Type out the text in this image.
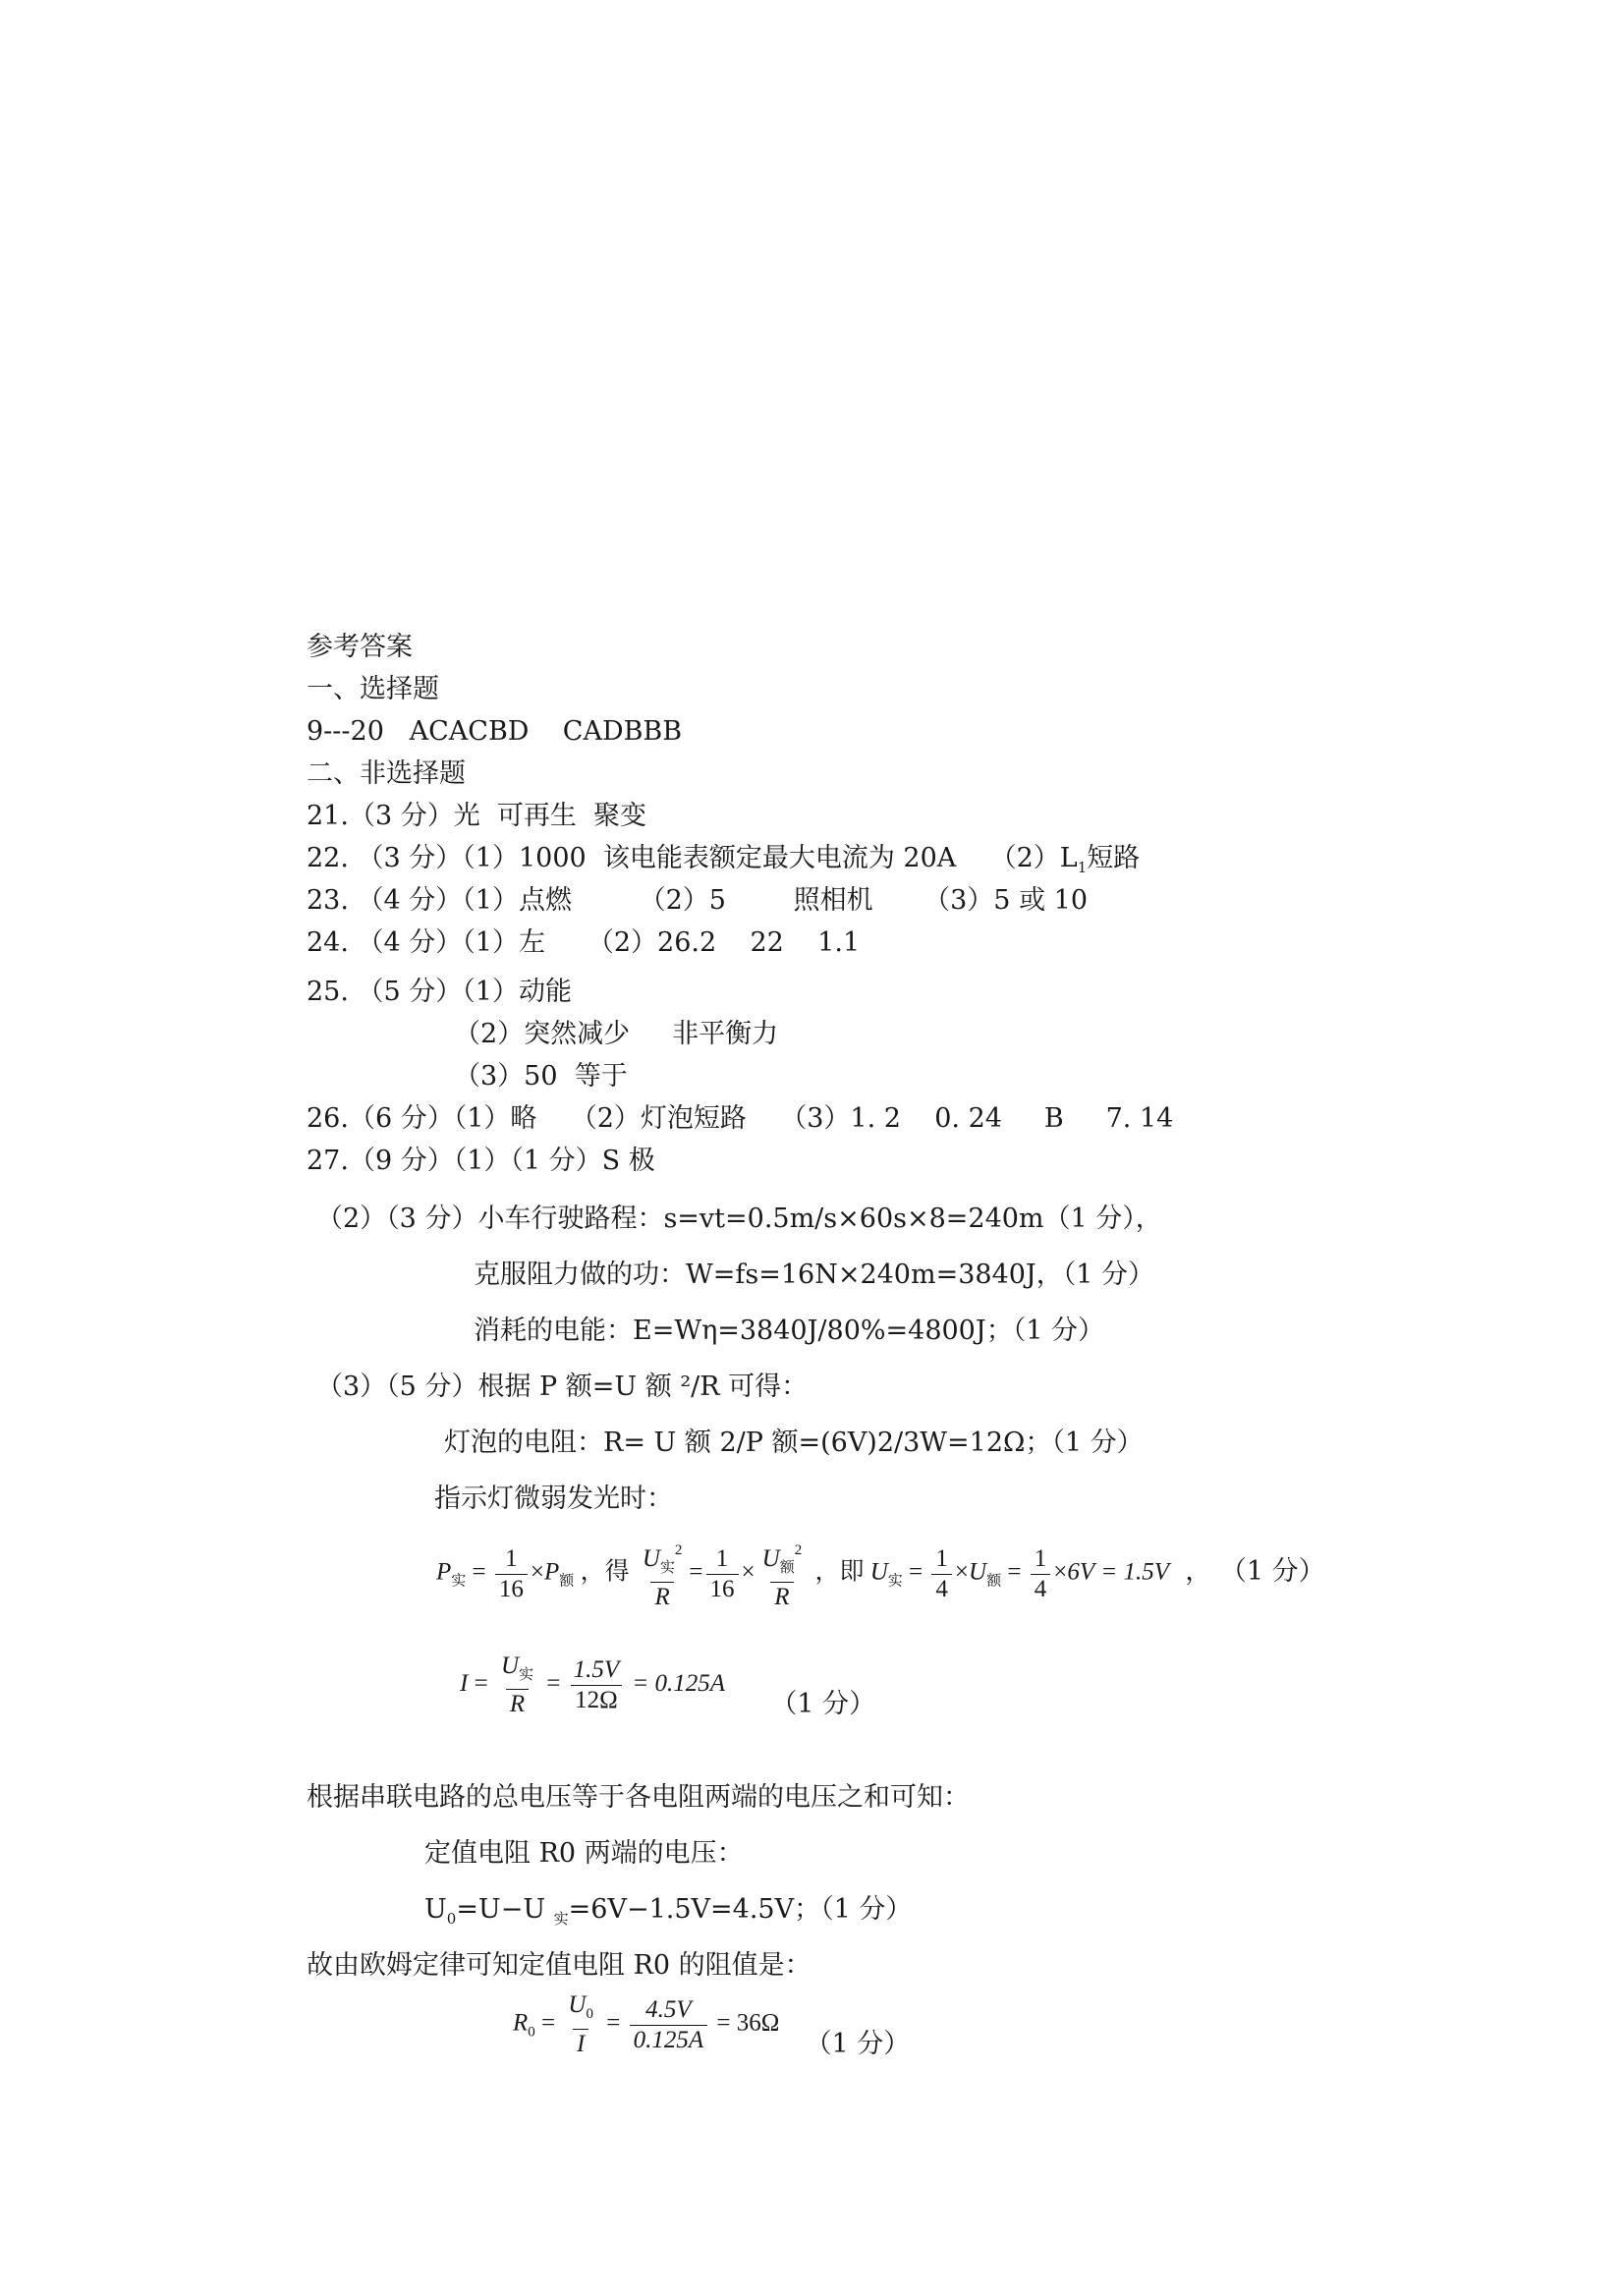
参考答案
一、选择题
9---20   ACACBD    CADBBB
二、非选择题
21.（3 分）光  可再生  聚变
22. （3 分）（1）1000  该电能表额定最大电流为 20A    $(2)L_1$短路
23. （4 分）（1）点燃        （2）5        照相机      （3）5 或 10
24. （4 分）（1）左     （2）26.2    22    1.1
25. （5 分）（1）动能
（2）突然减少     非平衡力
（3）50  等于
26.（6 分）（1）略    （2）灯泡短路    （3）1. 2    0. 24     B     7. 14
27.（9 分）（1）（1 分）S 极
（2）（3 分）小车行驶路程：s=vt=0.5m/s×60s×8=240m（1 分），
克服阻力做的功：W=fs=16N×240m=3840J，（1 分）
消耗的电能：E=Wη=3840J/80%=4800J；（1 分）
（3）（5 分）根据 P 额=U 额 ²/R 可得：
灯泡的电阻：R= U 额 2/P 额=(6V)2/3W=12Ω；（1 分）
指示灯微弱发光时：
$P_实 = \frac{1}{16} \times P_额$ ，得 $\frac{U_实^2}{R} = \frac{1}{16} \times \frac{U_额^2}{R}$ ，即 $U_实 = \frac{1}{4} \times U_额 = \frac{1}{4} \times 6V = 1.5V$ ， （1 分）
$I = \frac{U_实}{R} = \frac{1.5V}{12\Omega} = 0.125A$ （1 分）
根据串联电路的总电压等于各电阻两端的电压之和可知：
定值电阻 R0 两端的电压：
$U_0=U-U$ $_实$=6V−1.5V=4.5V；（1 分）
故由欧姆定律可知定值电阻 R0 的阻值是：
$R_0 = \frac{U_0}{I} = \frac{4.5V}{0.125A} = 36\Omega$ （1 分）
